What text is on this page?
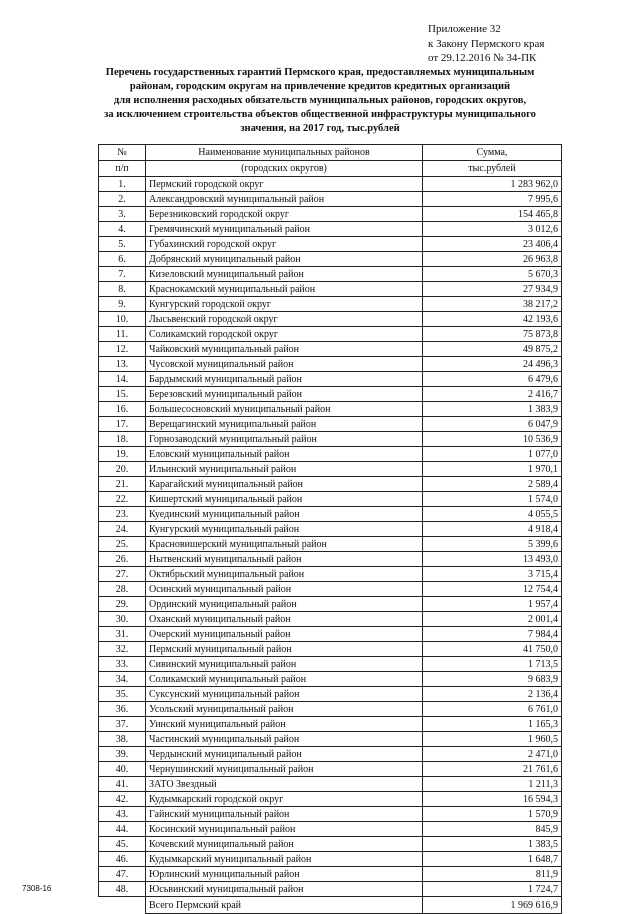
Приложение 32
к Закону Пермского края
от 29.12.2016 № 34-ПК
Перечень государственных гарантий Пермского края, предоставляемых муниципальным
районам, городским округам на привлечение кредитов кредитных организаций
для исполнения расходных обязательств муниципальных районов, городских округов,
за исключением строительства объектов общественной инфраструктуры муниципального
значения, на 2017 год, тыс.рублей
№	Наименование муниципальных районов	Сумма,
п/п	(городских округов)	тыс.рублей
1.	Пермский городской округ	1 283 962,0
2.	Александровский муниципальный район	7 995,6
3.	Березниковский городской округ	154 465,8
4.	Гремячинский муниципальный район	3 012,6
5.	Губахинский городской округ	23 406,4
6.	Добрянский муниципальный район	26 963,8
7.	Кизеловский муниципальный район	5 670,3
8.	Краснокамский муниципальный район	27 934,9
9.	Кунгурский городской округ	38 217,2
10.	Лысьвенский городской округ	42 193,6
11.	Соликамский городской округ	75 873,8
12.	Чайковский муниципальный район	49 875,2
13.	Чусовской муниципальный район	24 496,3
14.	Бардымский муниципальный район	6 479,6
15.	Березовский муниципальный район	2 416,7
16.	Большесосновский муниципальный район	1 383,9
17.	Верещагинский муниципальный район	6 047,9
18.	Горнозаводский муниципальный район	10 536,9
19.	Еловский муниципальный район	1 077,0
20.	Ильинский муниципальный район	1 970,1
21.	Карагайский муниципальный район	2 589,4
22.	Кишертский муниципальный район	1 574,0
23.	Куединский муниципальный район	4 055,5
24.	Кунгурский муниципальный район	4 918,4
25.	Красновишерский муниципальный район	5 399,6
26.	Нытвенский муниципальный район	13 493,0
27.	Октябрьский муниципальный район	3 715,4
28.	Осинский муниципальный район	12 754,4
29.	Ординский муниципальный район	1 957,4
30.	Оханский муниципальный район	2 001,4
31.	Очерский муниципальный район	7 984,4
32.	Пермский муниципальный район	41 750,0
33.	Сивинский муниципальный район	1 713,5
34.	Соликамский муниципальный район	9 683,9
35.	Суксунский муниципальный район	2 136,4
36.	Усольский муниципальный район	6 761,0
37.	Уинский муниципальный район	1 165,3
38.	Частинский муниципальный район	1 960,5
39.	Чердынский муниципальный район	2 471,0
40.	Чернушинский муниципальный район	21 761,6
41.	ЗАТО Звездный	1 211,3
42.	Кудымкарский городской округ	16 594,3
43.	Гайнский муниципальный район	1 570,9
44.	Косинский муниципальный район	845,9
45.	Кочевский муниципальный район	1 383,5
46.	Кудымкарский муниципальный район	1 648,7
47.	Юрлинский муниципальный район	811,9
48.	Юсьвинский муниципальный район	1 724,7
	Всего Пермский край	1 969 616,9
7308-16
